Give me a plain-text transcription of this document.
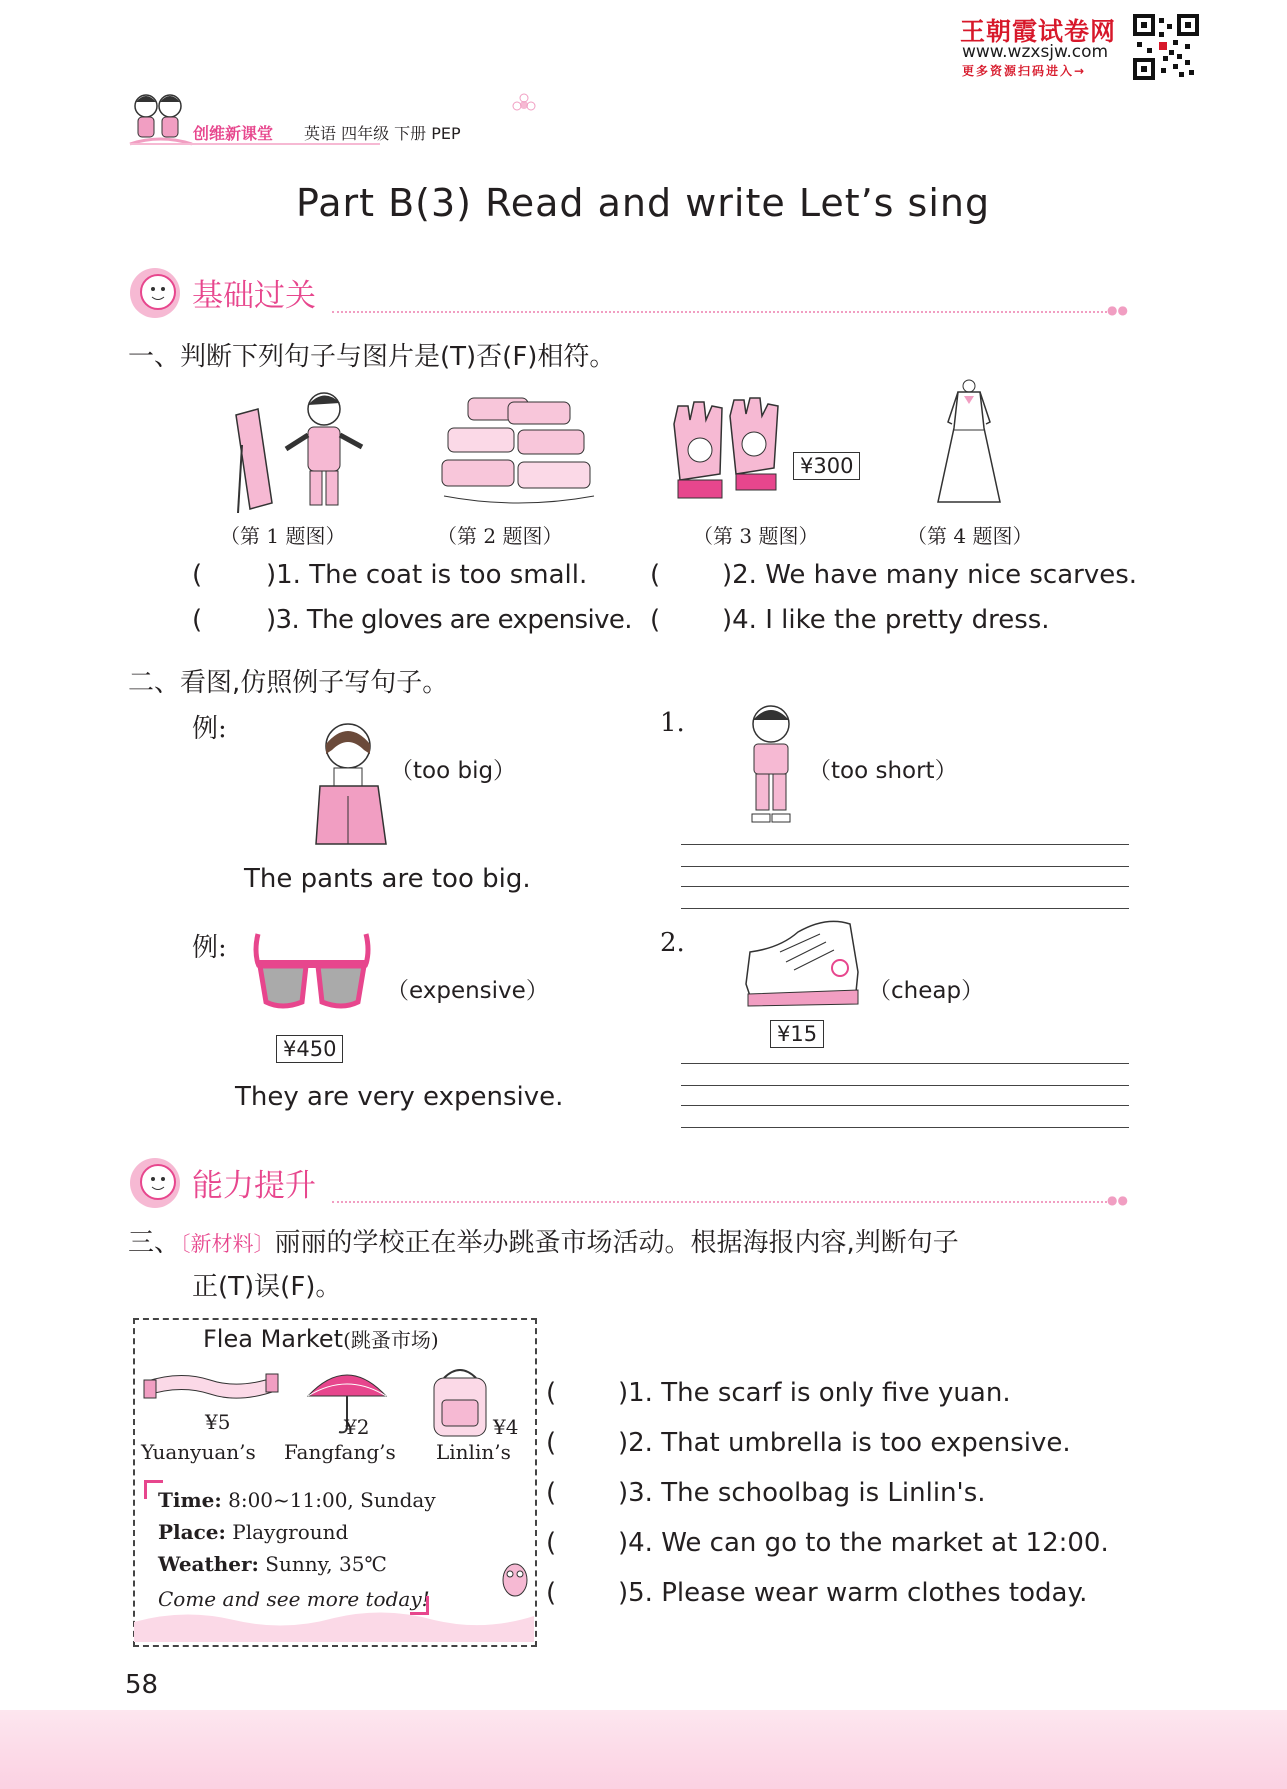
王朝霞试卷网
www.wzxsjw.com
更多资源扫码进入→
创维新课堂 英语 四年级 下册 PEP
Part B(3) Read and write Let’s sing
基础过关	●●
一、判断下列句子与图片是(T)否(F)相符。
¥300
（第 1 题图）	（第 2 题图）	（第 3 题图）	（第 4 题图）
( )1. The coat is too small. ( )2. We have many nice scarves.
( )3. The gloves are expensive. ( )4. I like the pretty dress.
二、看图,仿照例子写句子。
例:
（too big）
The pants are too big.
1.
（too short）
例:
（expensive）
¥450
They are very expensive.
2.
（cheap）
¥15
能力提升	●●
三、〔新材料〕丽丽的学校正在举办跳蚤市场活动。根据海报内容,判断句子
正(T)误(F)。
Flea Market(跳蚤市场)
¥5	¥2	¥4
Yuanyuan’s Fangfang’s Linlin’s
Time: 8:00~11:00, Sunday
Place: Playground
Weather: Sunny, 35℃
Come and see more today!
( )1. The scarf is only five yuan.
( )2. That umbrella is too expensive.
( )3. The schoolbag is Linlin's.
( )4. We can go to the market at 12:00.
( )5. Please wear warm clothes today.
58
